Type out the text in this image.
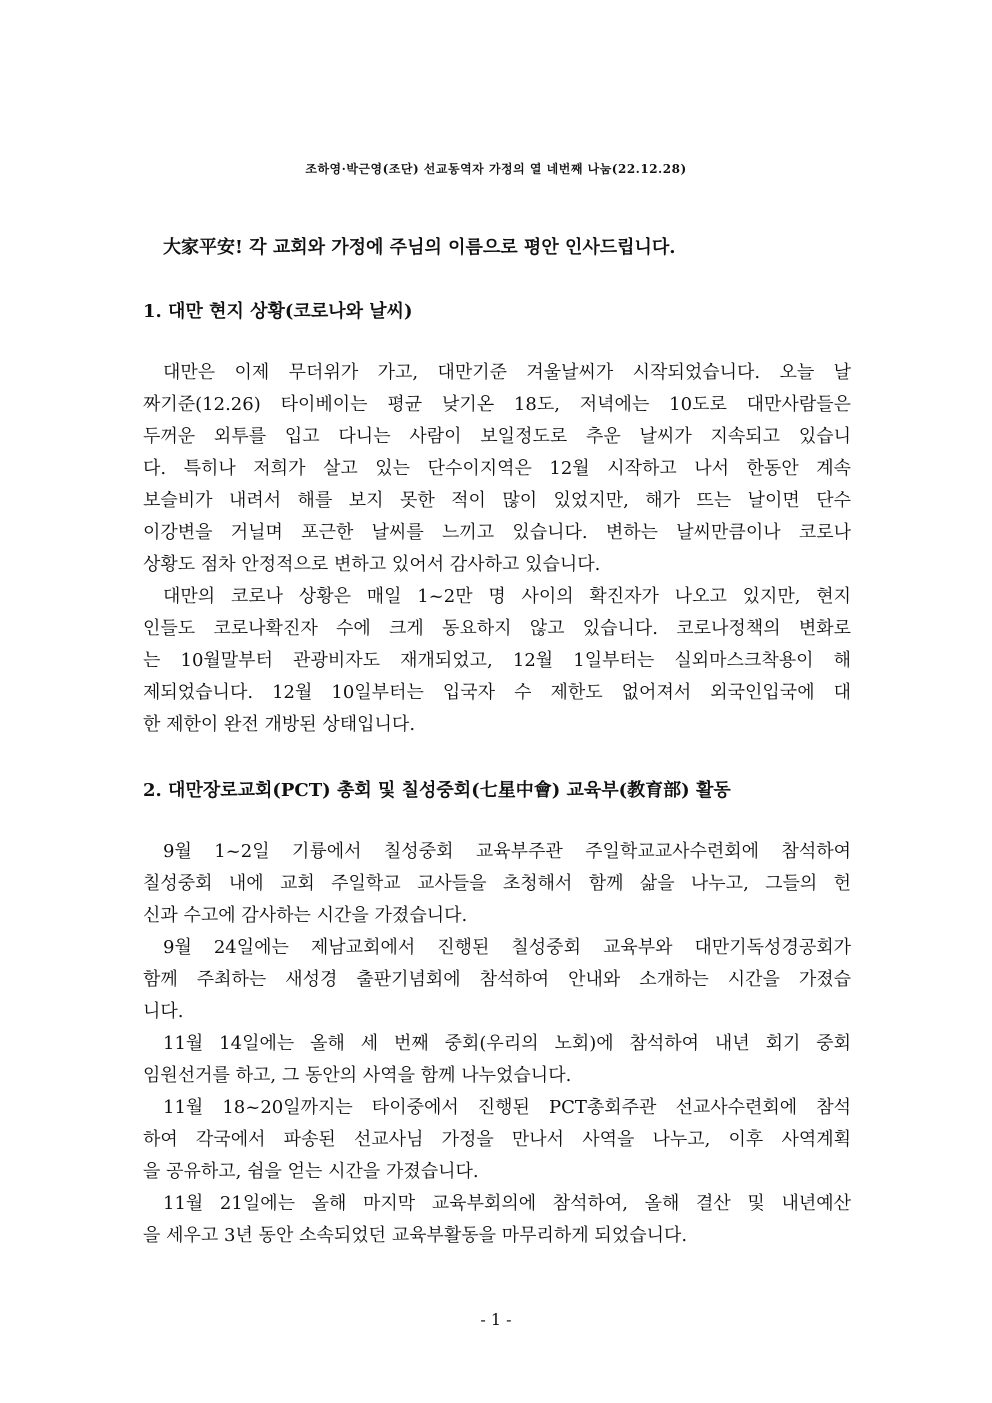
조하영·박근영(조단) 선교동역자 가정의 열 네번째 나눔(22.12.28)
大家平安! 각 교회와 가정에 주님의 이름으로 평안 인사드립니다.
1. 대만 현지 상황(코로나와 날씨)
대만은 이제 무더위가 가고, 대만기준 겨울날씨가 시작되었습니다. 오늘 날
짜기준(12.26) 타이베이는 평균 낮기온 18도, 저녁에는 10도로 대만사람들은
두꺼운 외투를 입고 다니는 사람이 보일정도로 추운 날씨가 지속되고 있습니
다. 특히나 저희가 살고 있는 단수이지역은 12월 시작하고 나서 한동안 계속
보슬비가 내려서 해를 보지 못한 적이 많이 있었지만, 해가 뜨는 날이면 단수
이강변을 거닐며 포근한 날씨를 느끼고 있습니다. 변하는 날씨만큼이나 코로나
상황도 점차 안정적으로 변하고 있어서 감사하고 있습니다.
대만의 코로나 상황은 매일 1~2만 명 사이의 확진자가 나오고 있지만, 현지
인들도 코로나확진자 수에 크게 동요하지 않고 있습니다. 코로나정책의 변화로
는 10월말부터 관광비자도 재개되었고, 12월 1일부터는 실외마스크착용이 해
제되었습니다. 12월 10일부터는 입국자 수 제한도 없어져서 외국인입국에 대
한 제한이 완전 개방된 상태입니다.
2. 대만장로교회(PCT) 총회 및 칠성중회(七星中會) 교육부(教育部) 활동
9월 1~2일 기륭에서 칠성중회 교육부주관 주일학교교사수련회에 참석하여
칠성중회 내에 교회 주일학교 교사들을 초청해서 함께 삶을 나누고, 그들의 헌
신과 수고에 감사하는 시간을 가졌습니다.
9월 24일에는 제남교회에서 진행된 칠성중회 교육부와 대만기독성경공회가
함께 주최하는 새성경 출판기념회에 참석하여 안내와 소개하는 시간을 가졌습
니다.
11월 14일에는 올해 세 번째 중회(우리의 노회)에 참석하여 내년 회기 중회
임원선거를 하고, 그 동안의 사역을 함께 나누었습니다.
11월 18~20일까지는 타이중에서 진행된 PCT총회주관 선교사수련회에 참석
하여 각국에서 파송된 선교사님 가정을 만나서 사역을 나누고, 이후 사역계획
을 공유하고, 쉼을 얻는 시간을 가졌습니다.
11월 21일에는 올해 마지막 교육부회의에 참석하여, 올해 결산 및 내년예산
을 세우고 3년 동안 소속되었던 교육부활동을 마무리하게 되었습니다.
- 1 -
